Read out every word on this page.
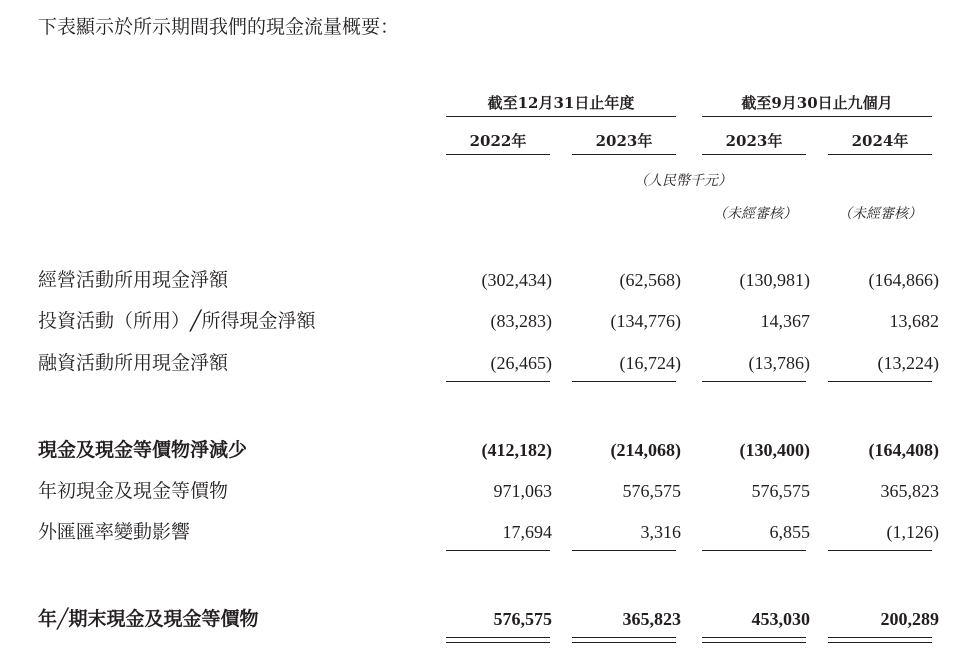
下表顯示於所示期間我們的現金流量概要：
截至12月31日止年度	截至9月30日止九個月
2022年	2023年	2023年	2024年
（人民幣千元）
（未經審核）	（未經審核）
經營活動所用現金淨額	(302,434)	(62,568)	(130,981)	(164,866)
投資活動（所用）╱所得現金淨額	(83,283)	(134,776)	14,367	13,682
融資活動所用現金淨額	(26,465)	(16,724)	(13,786)	(13,224)
現金及現金等價物淨減少	(412,182)	(214,068)	(130,400)	(164,408)
年初現金及現金等價物	971,063	576,575	576,575	365,823
外匯匯率變動影響	17,694	3,316	6,855	(1,126)
年╱期末現金及現金等價物	576,575	365,823	453,030	200,289
